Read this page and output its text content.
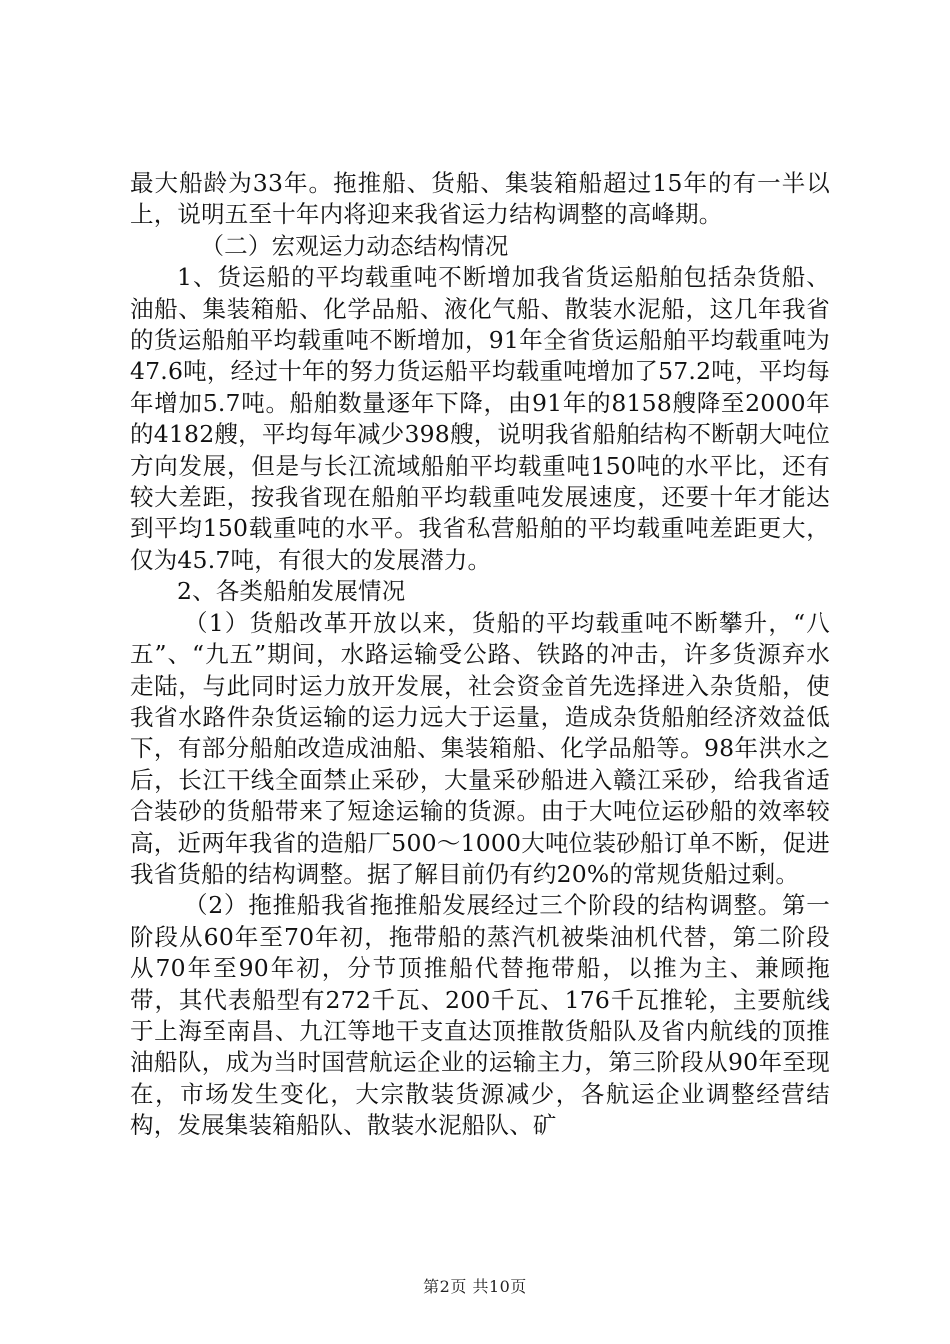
最大船龄为33年。拖推船、货船、集装箱船超过15年的有一半以上，说明五至十年内将迎来我省运力结构调整的高峰期。

（二）宏观运力动态结构情况

1、货运船的平均载重吨不断增加我省货运船舶包括杂货船、油船、集装箱船、化学品船、液化气船、散装水泥船，这几年我省的货运船舶平均载重吨不断增加，91年全省货运船舶平均载重吨为47.6吨，经过十年的努力货运船平均载重吨增加了57.2吨，平均每年增加5.7吨。船舶数量逐年下降，由91年的8158艘降至2000年的4182艘，平均每年减少398艘，说明我省船舶结构不断朝大吨位方向发展，但是与长江流域船舶平均载重吨150吨的水平比，还有较大差距，按我省现在船舶平均载重吨发展速度，还要十年才能达到平均150载重吨的水平。我省私营船舶的平均载重吨差距更大，仅为45.7吨，有很大的发展潜力。

2、各类船舶发展情况

（1）货船改革开放以来，货船的平均载重吨不断攀升，“八五”、“九五”期间，水路运输受公路、铁路的冲击，许多货源弃水走陆，与此同时运力放开发展，社会资金首先选择进入杂货船，使我省水路件杂货运输的运力远大于运量，造成杂货船舶经济效益低下，有部分船舶改造成油船、集装箱船、化学品船等。98年洪水之后，长江干线全面禁止采砂，大量采砂船进入赣江采砂，给我省适合装砂的货船带来了短途运输的货源。由于大吨位运砂船的效率较高，近两年我省的造船厂500～1000大吨位装砂船订单不断，促进我省货船的结构调整。据了解目前仍有约20%的常规货船过剩。

（2）拖推船我省拖推船发展经过三个阶段的结构调整。第一阶段从60年至70年初，拖带船的蒸汽机被柴油机代替，第二阶段从70年至90年初，分节顶推船代替拖带船，以推为主、兼顾拖带，其代表船型有272千瓦、200千瓦、176千瓦推轮，主要航线于上海至南昌、九江等地干支直达顶推散货船队及省内航线的顶推油船队，成为当时国营航运企业的运输主力，第三阶段从90年至现在，市场发生变化，大宗散装货源减少，各航运企业调整经营结构，发展集装箱船队、散装水泥船队、矿

第2页 共10页
